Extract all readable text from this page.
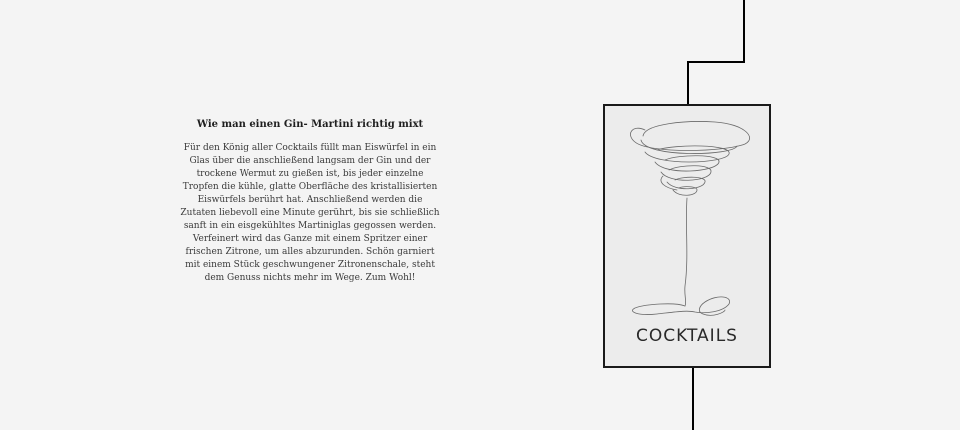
Wie man einen Gin- Martini richtig mixt

Für den König aller Cocktails füllt man Eiswürfel in ein Glas über die anschließend langsam der Gin und der trockene Wermut zu gießen ist, bis jeder einzelne Tropfen die kühle, glatte Oberfläche des kristallisierten Eiswürfels berührt hat. Anschließend werden die Zutaten liebevoll eine Minute gerührt, bis sie schließlich sanft in ein eisgekühltes Martiniglas gegossen werden. Verfeinert wird das Ganze mit einem Spritzer einer frischen Zitrone, um alles abzurunden. Schön garniert mit einem Stück geschwungener Zitronenschale, steht dem Genuss nichts mehr im Wege. Zum Wohl!

COCKTAILS
